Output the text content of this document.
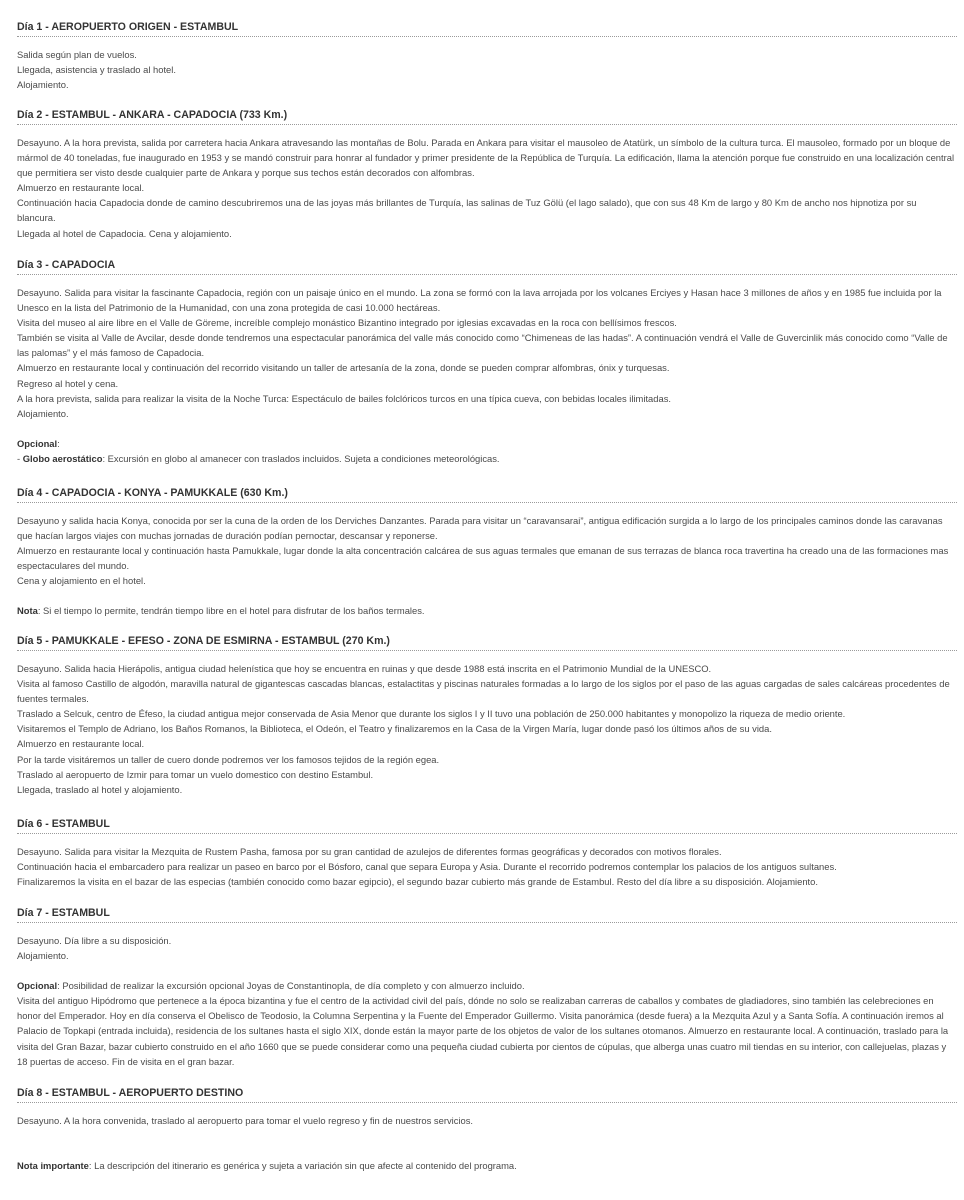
Día 1 - AEROPUERTO ORIGEN - ESTAMBUL

Salida según plan de vuelos.

Llegada, asistencia y traslado al hotel.

Alojamiento.

Día 2 - ESTAMBUL - ANKARA - CAPADOCIA (733 Km.)

Desayuno. A la hora prevista, salida por carretera hacia Ankara atravesando las montañas de Bolu. Parada en Ankara para visitar el mausoleo de Atatürk, un símbolo de la cultura turca. El mausoleo, formado por un bloque de mármol de 40 toneladas, fue inaugurado en 1953 y se mandó construir para honrar al fundador y primer presidente de la República de Turquía. La edificación, llama la atención porque fue construido en una localización central que permitiera ser visto desde cualquier parte de Ankara y porque sus techos están decorados con alfombras.

Almuerzo en restaurante local.

Continuación hacia Capadocia donde de camino descubriremos una de las joyas más brillantes de Turquía, las salinas de Tuz Gölü (el lago salado), que con sus 48 Km de largo y 80 Km de ancho nos hipnotiza por su blancura.

Llegada al hotel de Capadocia. Cena y alojamiento.

Día 3 - CAPADOCIA

Desayuno. Salida para visitar la fascinante Capadocia, región con un paisaje único en el mundo. La zona se formó con la lava arrojada por los volcanes Erciyes y Hasan hace 3 millones de años y en 1985 fue incluida por la Unesco en la lista del Patrimonio de la Humanidad, con una zona protegida de casi 10.000 hectáreas.

Visita del museo al aire libre en el Valle de Göreme, increíble complejo monástico Bizantino integrado por iglesias excavadas en la roca con bellísimos frescos.

También se visita al Valle de Avcilar, desde donde tendremos una espectacular panorámica del valle más conocido como “Chimeneas de las hadas”. A continuación vendrá el Valle de Guvercinlik más conocido como “Valle de las palomas” y el más famoso de Capadocia.

Almuerzo en restaurante local y continuación del recorrido visitando un taller de artesanía de la zona, donde se pueden comprar alfombras, ónix y turquesas.

Regreso al hotel y cena.

A la hora prevista, salida para realizar la visita de la Noche Turca: Espectáculo de bailes folclóricos turcos en una típica cueva, con bebidas locales ilimitadas.

Alojamiento.

Opcional:

- Globo aerostático: Excursión en globo al amanecer con traslados incluidos. Sujeta a condiciones meteorológicas.

Día 4 - CAPADOCIA - KONYA - PAMUKKALE (630 Km.)

Desayuno y salida hacia Konya, conocida por ser la cuna de la orden de los Derviches Danzantes. Parada para visitar un “caravansarai”, antigua edificación surgida a lo largo de los principales caminos donde las caravanas que hacían largos viajes con muchas jornadas de duración podían pernoctar, descansar y reponerse.

Almuerzo en restaurante local y continuación hasta Pamukkale, lugar donde la alta concentración calcárea de sus aguas termales que emanan de sus terrazas de blanca roca travertina ha creado una de las formaciones mas espectaculares del mundo.

Cena y alojamiento en el hotel.

Nota: Si el tiempo lo permite, tendrán tiempo libre en el hotel para disfrutar de los baños termales.

Día 5 - PAMUKKALE - EFESO - ZONA DE ESMIRNA - ESTAMBUL (270 Km.)

Desayuno. Salida hacia Hierápolis, antigua ciudad helenística que hoy se encuentra en ruinas y que desde 1988 está inscrita en el Patrimonio Mundial de la UNESCO.

Visita al famoso Castillo de algodón, maravilla natural de gigantescas cascadas blancas, estalactitas y piscinas naturales formadas a lo largo de los siglos por el paso de las aguas cargadas de sales calcáreas procedentes de fuentes termales.

Traslado a Selcuk, centro de Éfeso, la ciudad antigua mejor conservada de Asia Menor que durante los siglos I y II tuvo una población de 250.000 habitantes y monopolizo la riqueza de medio oriente.

Visitaremos el Templo de Adriano, los Baños Romanos, la Biblioteca, el Odeón, el Teatro y finalizaremos en la Casa de la Virgen María, lugar donde pasó los últimos años de su vida.

Almuerzo en restaurante local.

Por la tarde visitáremos un taller de cuero donde podremos ver los famosos tejidos de la región egea.

Traslado al aeropuerto de Izmir para tomar un vuelo domestico con destino Estambul.

Llegada, traslado al hotel y alojamiento.

Día 6 - ESTAMBUL

Desayuno. Salida para visitar la Mezquita de Rustem Pasha, famosa por su gran cantidad de azulejos de diferentes formas geográficas y decorados con motivos florales.

Continuación hacia el embarcadero para realizar un paseo en barco por el Bósforo, canal que separa Europa y Asia. Durante el recorrido podremos contemplar los palacios de los antiguos sultanes.

Finalizaremos la visita en el bazar de las especias (también conocido como bazar egipcio), el segundo bazar cubierto más grande de Estambul. Resto del día libre a su disposición. Alojamiento.

Día 7 - ESTAMBUL

Desayuno. Día libre a su disposición.

Alojamiento.

Opcional: Posibilidad de realizar la excursión opcional Joyas de Constantinopla, de día completo y con almuerzo incluido.

Visita del antiguo Hipódromo que pertenece a la época bizantina y fue el centro de la actividad civil del país, dónde no solo se realizaban carreras de caballos y combates de gladiadores, sino también las celebreciones en honor del Emperador. Hoy en día conserva el Obelisco de Teodosio, la Columna Serpentina y la Fuente del Emperador Guillermo. Visita panorámica (desde fuera) a la Mezquita Azul y a Santa Sofía. A continuación iremos al Palacio de Topkapi (entrada incluida), residencia de los sultanes hasta el siglo XIX, donde están la mayor parte de los objetos de valor de los sultanes otomanos. Almuerzo en restaurante local. A continuación, traslado para la visita del Gran Bazar, bazar cubierto construido en el año 1660 que se puede considerar como una pequeña ciudad cubierta por cientos de cúpulas, que alberga unas cuatro mil tiendas en su interior, con callejuelas, plazas y 18 puertas de acceso. Fin de visita en el gran bazar.

Día 8 - ESTAMBUL - AEROPUERTO DESTINO

Desayuno. A la hora convenida, traslado al aeropuerto para tomar el vuelo regreso y fin de nuestros servicios.

Nota importante: La descripción del itinerario es genérica y sujeta a variación sin que afecte al contenido del programa.
